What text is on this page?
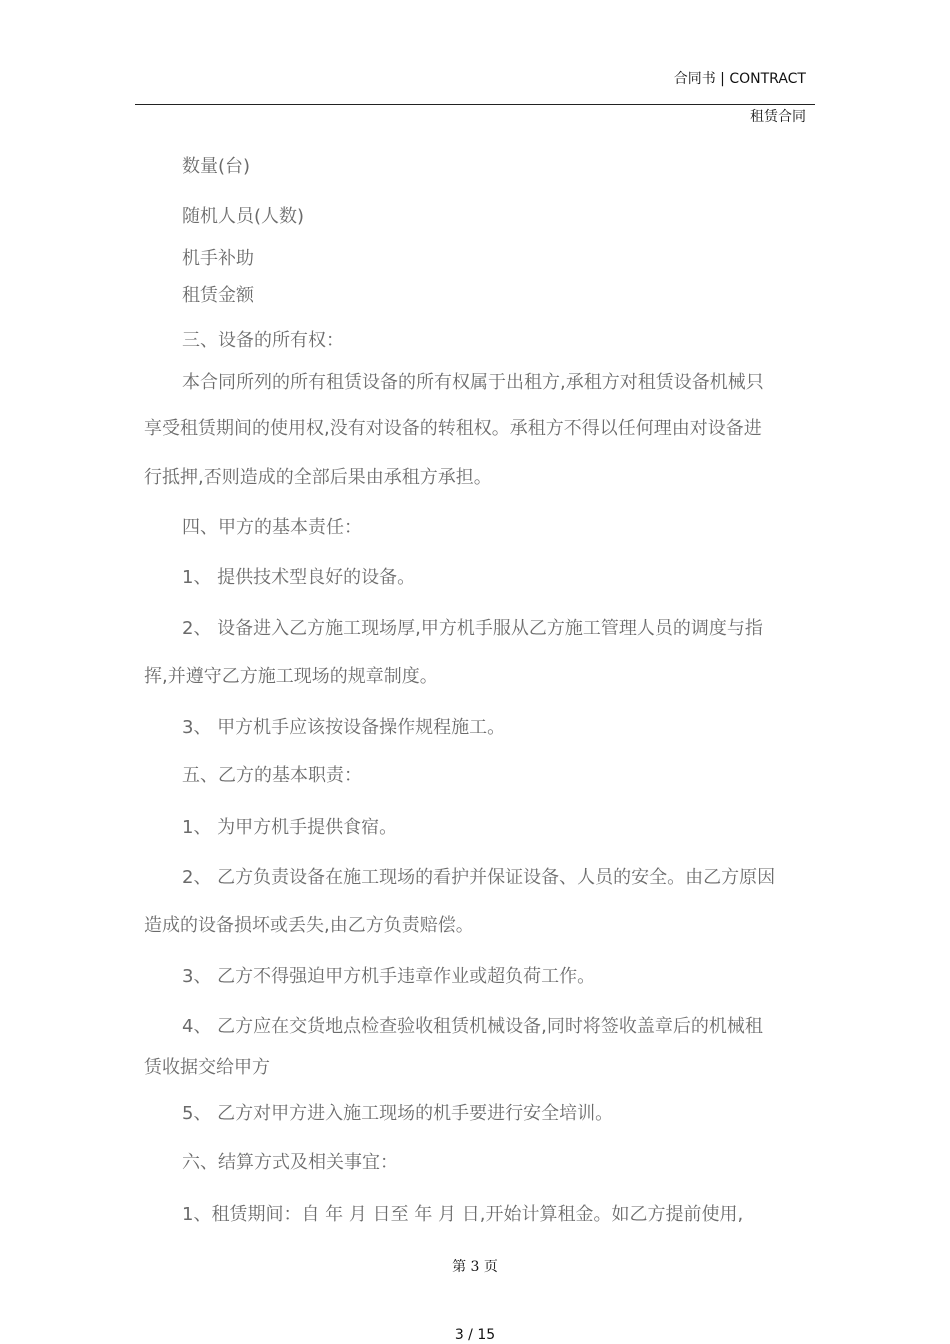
合同书 | CONTRACT
租赁合同
数量(台)
随机人员(人数)
机手补助
租赁金额
三、设备的所有权：
本合同所列的所有租赁设备的所有权属于出租方,承租方对租赁设备机械只
享受租赁期间的使用权,没有对设备的转租权。承租方不得以任何理由对设备进
行抵押,否则造成的全部后果由承租方承担。
四、甲方的基本责任：
1、 提供技术型良好的设备。
2、 设备进入乙方施工现场厚,甲方机手服从乙方施工管理人员的调度与指
挥,并遵守乙方施工现场的规章制度。
3、 甲方机手应该按设备操作规程施工。
五、乙方的基本职责：
1、 为甲方机手提供食宿。
2、 乙方负责设备在施工现场的看护并保证设备、人员的安全。由乙方原因
造成的设备损坏或丢失,由乙方负责赔偿。
3、 乙方不得强迫甲方机手违章作业或超负荷工作。
4、 乙方应在交货地点检查验收租赁机械设备,同时将签收盖章后的机械租
赁收据交给甲方
5、 乙方对甲方进入施工现场的机手要进行安全培训。
六、结算方式及相关事宜：
1、租赁期间：自 年 月 日至 年 月 日,开始计算租金。如乙方提前使用,
第 3 页
3 / 15
